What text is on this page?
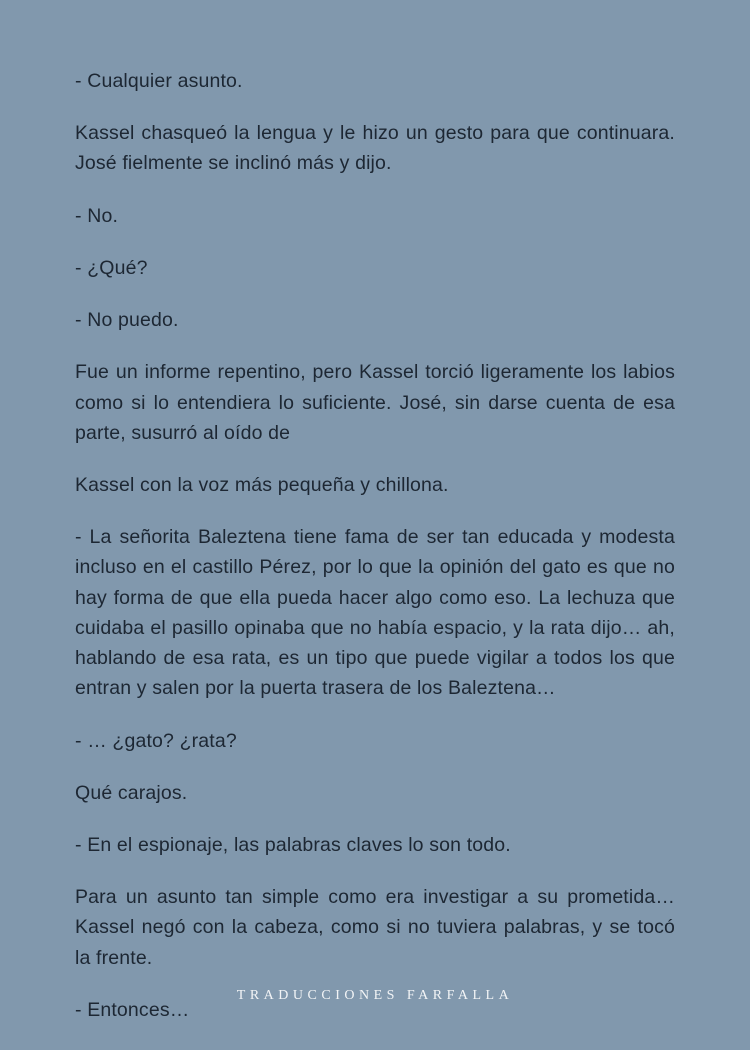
- Cualquier asunto.

Kassel chasqueó la lengua y le hizo un gesto para que continuara. José fielmente se inclinó más y dijo.

- No.

- ¿Qué?

- No puedo.

Fue un informe repentino, pero Kassel torció ligeramente los labios como si lo entendiera lo suficiente. José, sin darse cuenta de esa parte, susurró al oído de

Kassel con la voz más pequeña y chillona.

- La señorita Baleztena tiene fama de ser tan educada y modesta incluso en el castillo Pérez, por lo que la opinión del gato es que no hay forma de que ella pueda hacer algo como eso. La lechuza que cuidaba el pasillo opinaba que no había espacio, y la rata dijo… ah, hablando de esa rata, es un tipo que puede vigilar a todos los que entran y salen por la puerta trasera de los Baleztena…

- … ¿gato? ¿rata?

Qué carajos.

- En el espionaje, las palabras claves lo son todo.

Para un asunto tan simple como era investigar a su prometida… Kassel negó con la cabeza, como si no tuviera palabras, y se tocó la frente.

- Entonces…

TRADUCCIONES FARFALLA
